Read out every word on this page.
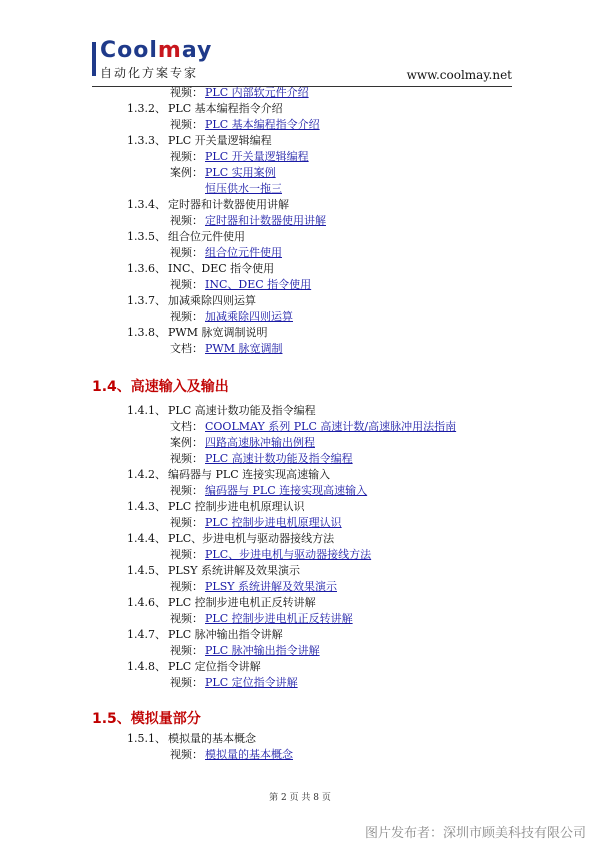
Coolmay
自动化方案专家	www.coolmay.net
视频： PLC 内部软元件介绍
1.3.2、 PLC 基本编程指令介绍
视频： PLC 基本编程指令介绍
1.3.3、 PLC 开关量逻辑编程
视频： PLC 开关量逻辑编程
案例： PLC 实用案例
恒压供水一拖三
1.3.4、 定时器和计数器使用讲解
视频： 定时器和计数器使用讲解
1.3.5、 组合位元件使用
视频： 组合位元件使用
1.3.6、 INC、DEC 指令使用
视频： INC、DEC 指令使用
1.3.7、 加减乘除四则运算
视频： 加减乘除四则运算
1.3.8、 PWM 脉宽调制说明
文档： PWM 脉宽调制
1.4、高速输入及输出
1.4.1、 PLC 高速计数功能及指令编程
文档： COOLMAY 系列 PLC 高速计数/高速脉冲用法指南
案例： 四路高速脉冲输出例程
视频： PLC 高速计数功能及指令编程
1.4.2、 编码器与 PLC 连接实现高速输入
视频： 编码器与 PLC 连接实现高速输入
1.4.3、 PLC 控制步进电机原理认识
视频： PLC 控制步进电机原理认识
1.4.4、 PLC、步进电机与驱动器接线方法
视频： PLC、步进电机与驱动器接线方法
1.4.5、 PLSY 系统讲解及效果演示
视频： PLSY 系统讲解及效果演示
1.4.6、 PLC 控制步进电机正反转讲解
视频： PLC 控制步进电机正反转讲解
1.4.7、 PLC 脉冲输出指令讲解
视频： PLC 脉冲输出指令讲解
1.4.8、 PLC 定位指令讲解
视频： PLC 定位指令讲解
1.5、模拟量部分
1.5.1、 模拟量的基本概念
视频： 模拟量的基本概念
第 2 页 共 8 页
图片发布者：深圳市顾美科技有限公司
